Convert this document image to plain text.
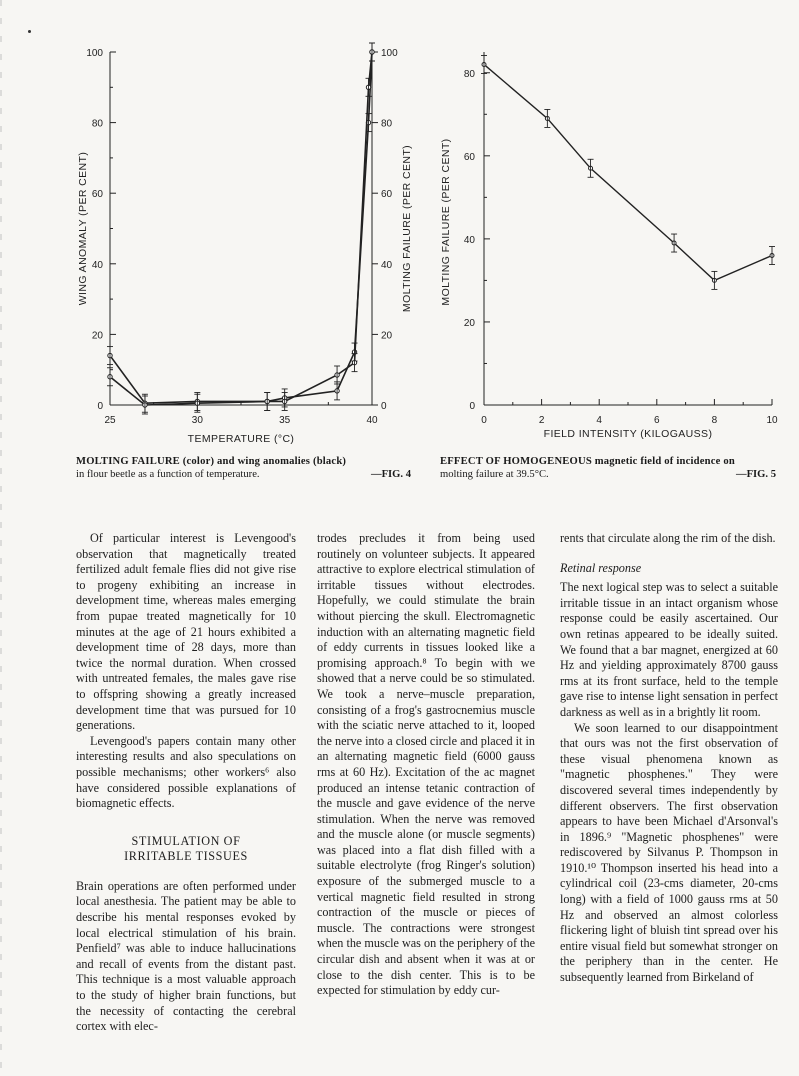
0
20
40
60
80
100
0
20
40
60
80
100
25	30	35	40
TEMPERATURE (°C)
WING ANOMALY (PER CENT)	MOLTING FAILURE (PER CENT)
0
20
40
60
80
0	2	4	6	8	10
FIELD INTENSITY (KILOGAUSS)
MOLTING FAILURE (PER CENT)
MOLTING FAILURE (color) and wing anomalies (black)
in flour beetle as a function of temperature.	—FIG. 4
EFFECT OF HOMOGENEOUS magnetic field of incidence on
molting failure at 39.5°C.	—FIG. 5

Of particular interest is Levengood's observation that magnetically treated fertilized adult female flies did not give rise to progeny exhibiting an increase in development time, whereas males emerging from pupae treated magnetically for 10 minutes at the age of 21 hours exhibited a development time of 28 days, more than twice the normal duration. When crossed with untreated females, the males gave rise to offspring showing a greatly increased development time that was pursued for 10 generations.

Levengood's papers contain many other interesting results and also speculations on possible mechanisms; other workers⁶ also have considered possible explanations of biomagnetic effects.

STIMULATION OF
IRRITABLE TISSUES

Brain operations are often performed under local anesthesia. The patient may be able to describe his mental responses evoked by local electrical stimulation of his brain. Penfield⁷ was able to induce hallucinations and recall of events from the distant past. This technique is a most valuable approach to the study of higher brain functions, but the necessity of contacting the cerebral cortex with elec-

trodes precludes it from being used routinely on volunteer subjects. It appeared attractive to explore electrical stimulation of irritable tissues without electrodes. Hopefully, we could stimulate the brain without piercing the skull. Electromagnetic induction with an alternating magnetic field of eddy currents in tissues looked like a promising approach.⁸ To begin with we showed that a nerve could be so stimulated. We took a nerve–muscle preparation, consisting of a frog's gastrocnemius muscle with the sciatic nerve attached to it, looped the nerve into a closed circle and placed it in an alternating magnetic field (6000 gauss rms at 60 Hz). Excitation of the ac magnet produced an intense tetanic contraction of the muscle and gave evidence of the nerve stimulation. When the nerve was removed and the muscle alone (or muscle segments) was placed into a flat dish filled with a suitable electrolyte (frog Ringer's solution) exposure of the submerged muscle to a vertical magnetic field resulted in strong contraction of the muscle or pieces of muscle. The contractions were strongest when the muscle was on the periphery of the circular dish and absent when it was at or close to the dish center. This is to be expected for stimulation by eddy cur-

rents that circulate along the rim of the dish.

Retinal response

The next logical step was to select a suitable irritable tissue in an intact organism whose response could be easily ascertained. Our own retinas appeared to be ideally suited. We found that a bar magnet, energized at 60 Hz and yielding approximately 8700 gauss rms at its front surface, held to the temple gave rise to intense light sensation in perfect darkness as well as in a brightly lit room.

We soon learned to our disappointment that ours was not the first observation of these visual phenomena known as "magnetic phosphenes." They were discovered several times independently by different observers. The first observation appears to have been Michael d'Arsonval's in 1896.⁹ "Magnetic phosphenes" were rediscovered by Silvanus P. Thompson in 1910.¹⁰ Thompson inserted his head into a cylindrical coil (23-cms diameter, 20-cms long) with a field of 1000 gauss rms at 50 Hz and observed an almost colorless flickering light of bluish tint spread over his entire visual field but somewhat stronger on the periphery than in the center. He subsequently learned from Birkeland of
